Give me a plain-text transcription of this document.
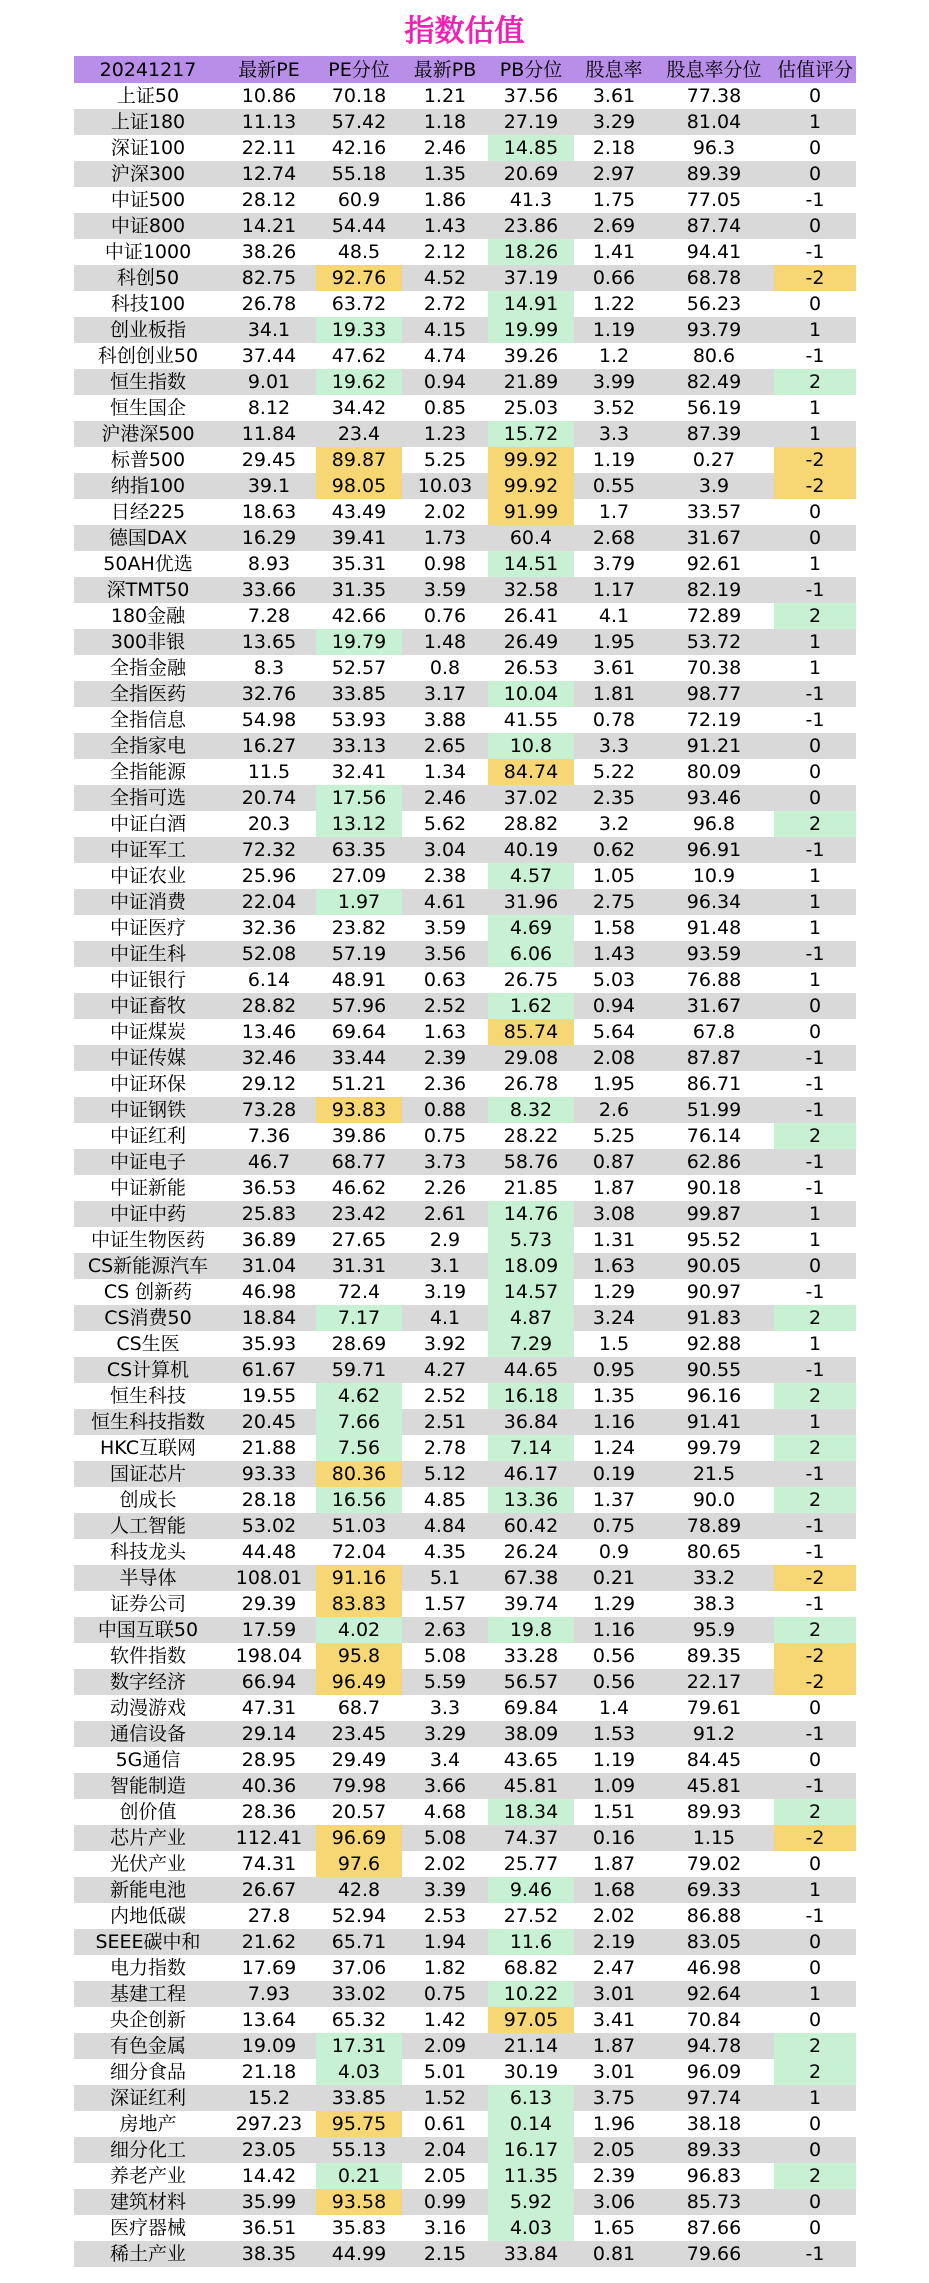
指数估值
20241217	最新PE	PE分位	最新PB	PB分位	股息率	股息率分位	估值评分
上证50	10.86	70.18	1.21	37.56	3.61	77.38	0
上证180	11.13	57.42	1.18	27.19	3.29	81.04	1
深证100	22.11	42.16	2.46	14.85	2.18	96.3	0
沪深300	12.74	55.18	1.35	20.69	2.97	89.39	0
中证500	28.12	60.9	1.86	41.3	1.75	77.05	-1
中证800	14.21	54.44	1.43	23.86	2.69	87.74	0
中证1000	38.26	48.5	2.12	18.26	1.41	94.41	-1
科创50	82.75	92.76	4.52	37.19	0.66	68.78	-2
科技100	26.78	63.72	2.72	14.91	1.22	56.23	0
创业板指	34.1	19.33	4.15	19.99	1.19	93.79	1
科创创业50	37.44	47.62	4.74	39.26	1.2	80.6	-1
恒生指数	9.01	19.62	0.94	21.89	3.99	82.49	2
恒生国企	8.12	34.42	0.85	25.03	3.52	56.19	1
沪港深500	11.84	23.4	1.23	15.72	3.3	87.39	1
标普500	29.45	89.87	5.25	99.92	1.19	0.27	-2
纳指100	39.1	98.05	10.03	99.92	0.55	3.9	-2
日经225	18.63	43.49	2.02	91.99	1.7	33.57	0
德国DAX	16.29	39.41	1.73	60.4	2.68	31.67	0
50AH优选	8.93	35.31	0.98	14.51	3.79	92.61	1
深TMT50	33.66	31.35	3.59	32.58	1.17	82.19	-1
180金融	7.28	42.66	0.76	26.41	4.1	72.89	2
300非银	13.65	19.79	1.48	26.49	1.95	53.72	1
全指金融	8.3	52.57	0.8	26.53	3.61	70.38	1
全指医药	32.76	33.85	3.17	10.04	1.81	98.77	-1
全指信息	54.98	53.93	3.88	41.55	0.78	72.19	-1
全指家电	16.27	33.13	2.65	10.8	3.3	91.21	0
全指能源	11.5	32.41	1.34	84.74	5.22	80.09	0
全指可选	20.74	17.56	2.46	37.02	2.35	93.46	0
中证白酒	20.3	13.12	5.62	28.82	3.2	96.8	2
中证军工	72.32	63.35	3.04	40.19	0.62	96.91	-1
中证农业	25.96	27.09	2.38	4.57	1.05	10.9	1
中证消费	22.04	1.97	4.61	31.96	2.75	96.34	1
中证医疗	32.36	23.82	3.59	4.69	1.58	91.48	1
中证生科	52.08	57.19	3.56	6.06	1.43	93.59	-1
中证银行	6.14	48.91	0.63	26.75	5.03	76.88	1
中证畜牧	28.82	57.96	2.52	1.62	0.94	31.67	0
中证煤炭	13.46	69.64	1.63	85.74	5.64	67.8	0
中证传媒	32.46	33.44	2.39	29.08	2.08	87.87	-1
中证环保	29.12	51.21	2.36	26.78	1.95	86.71	-1
中证钢铁	73.28	93.83	0.88	8.32	2.6	51.99	-1
中证红利	7.36	39.86	0.75	28.22	5.25	76.14	2
中证电子	46.7	68.77	3.73	58.76	0.87	62.86	-1
中证新能	36.53	46.62	2.26	21.85	1.87	90.18	-1
中证中药	25.83	23.42	2.61	14.76	3.08	99.87	1
中证生物医药	36.89	27.65	2.9	5.73	1.31	95.52	1
CS新能源汽车	31.04	31.31	3.1	18.09	1.63	90.05	0
CS 创新药	46.98	72.4	3.19	14.57	1.29	90.97	-1
CS消费50	18.84	7.17	4.1	4.87	3.24	91.83	2
CS生医	35.93	28.69	3.92	7.29	1.5	92.88	1
CS计算机	61.67	59.71	4.27	44.65	0.95	90.55	-1
恒生科技	19.55	4.62	2.52	16.18	1.35	96.16	2
恒生科技指数	20.45	7.66	2.51	36.84	1.16	91.41	1
HKC互联网	21.88	7.56	2.78	7.14	1.24	99.79	2
国证芯片	93.33	80.36	5.12	46.17	0.19	21.5	-1
创成长	28.18	16.56	4.85	13.36	1.37	90.0	2
人工智能	53.02	51.03	4.84	60.42	0.75	78.89	-1
科技龙头	44.48	72.04	4.35	26.24	0.9	80.65	-1
半导体	108.01	91.16	5.1	67.38	0.21	33.2	-2
证券公司	29.39	83.83	1.57	39.74	1.29	38.3	-1
中国互联50	17.59	4.02	2.63	19.8	1.16	95.9	2
软件指数	198.04	95.8	5.08	33.28	0.56	89.35	-2
数字经济	66.94	96.49	5.59	56.57	0.56	22.17	-2
动漫游戏	47.31	68.7	3.3	69.84	1.4	79.61	0
通信设备	29.14	23.45	3.29	38.09	1.53	91.2	-1
5G通信	28.95	29.49	3.4	43.65	1.19	84.45	0
智能制造	40.36	79.98	3.66	45.81	1.09	45.81	-1
创价值	28.36	20.57	4.68	18.34	1.51	89.93	2
芯片产业	112.41	96.69	5.08	74.37	0.16	1.15	-2
光伏产业	74.31	97.6	2.02	25.77	1.87	79.02	0
新能电池	26.67	42.8	3.39	9.46	1.68	69.33	1
内地低碳	27.8	52.94	2.53	27.52	2.02	86.88	-1
SEEE碳中和	21.62	65.71	1.94	11.6	2.19	83.05	0
电力指数	17.69	37.06	1.82	68.82	2.47	46.98	0
基建工程	7.93	33.02	0.75	10.22	3.01	92.64	1
央企创新	13.64	65.32	1.42	97.05	3.41	70.84	0
有色金属	19.09	17.31	2.09	21.14	1.87	94.78	2
细分食品	21.18	4.03	5.01	30.19	3.01	96.09	2
深证红利	15.2	33.85	1.52	6.13	3.75	97.74	1
房地产	297.23	95.75	0.61	0.14	1.96	38.18	0
细分化工	23.05	55.13	2.04	16.17	2.05	89.33	0
养老产业	14.42	0.21	2.05	11.35	2.39	96.83	2
建筑材料	35.99	93.58	0.99	5.92	3.06	85.73	0
医疗器械	36.51	35.83	3.16	4.03	1.65	87.66	0
稀土产业	38.35	44.99	2.15	33.84	0.81	79.66	-1
